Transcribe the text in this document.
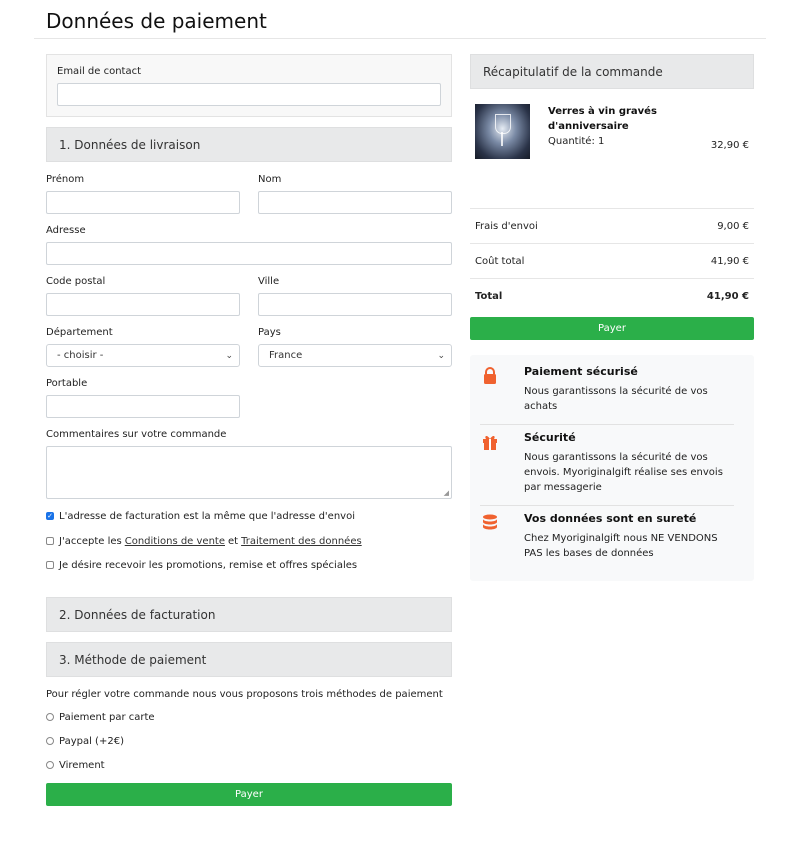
Données de paiement
Email de contact
1. Données de livraison
Prénom	Nom
Adresse
Code postal	Ville
Département
- choisir -	⌄
Pays
France	⌄
Portable
Commentaires sur votre commande
◢
✓
L'adresse de facturation est la même que l'adresse d'envoi
J'accepte les Conditions de vente et Traitement des données
Je désire recevoir les promotions, remise et offres spéciales
2. Données de facturation
3. Méthode de paiement
Pour régler votre commande nous vous proposons trois méthodes de paiement
Paiement par carte
Paypal (+2€)
Virement
Payer
Récapitulatif de la commande
Verres à vin gravés
d'anniversaire
Quantité: 1	32,90 €
Frais d'envoi	9,00 €
Coût total	41,90 €
Total	41,90 €
Payer
Paiement sécurisé
Nous garantissons la sécurité de vos achats
Sécurité
Nous garantissons la sécurité de vos envois. Myoriginalgift réalise ses envois par messagerie
Vos données sont en sureté
Chez Myoriginalgift nous NE VENDONS PAS les bases de données
